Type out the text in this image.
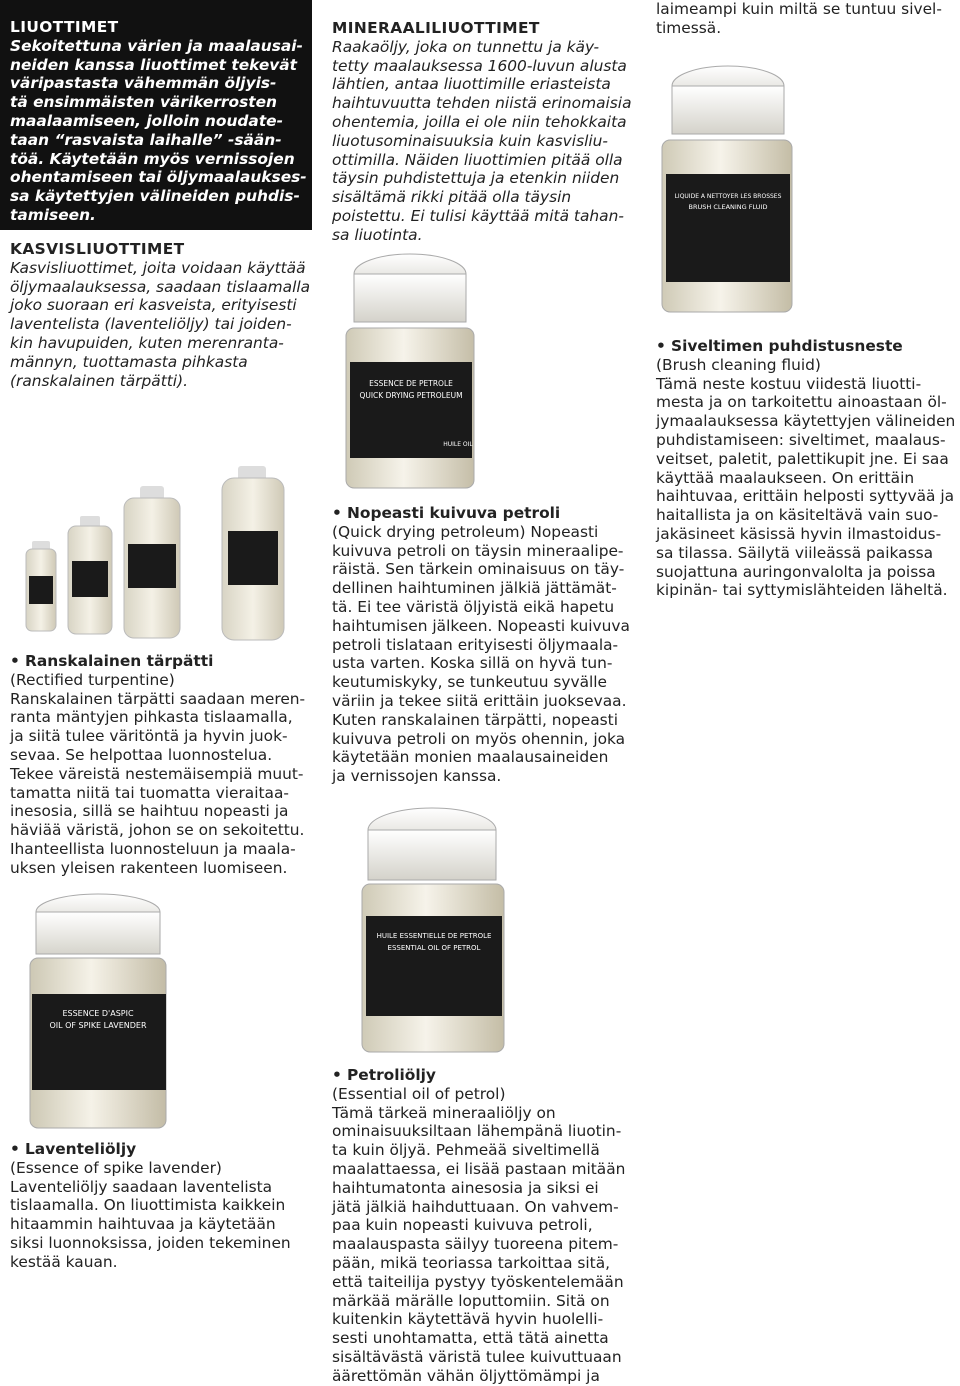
LIUOTTIMET
Sekoitettuna värien ja maalausai-
neiden kanssa liuottimet tekevät
väripastasta vähemmän öljyis-
tä ensimmäisten värikerrosten
maalaamiseen, jolloin noudate-
taan “rasvaista laihalle” -sään-
töä. Käytetään myös vernissojen
ohentamiseen tai öljymaalaukses-
sa käytettyjen välineiden puhdis-
tamiseen.
KASVISLIUOTTIMET
Kasvisliuottimet, joita voidaan käyttää
öljymaalauksessa, saadaan tislaamalla
joko suoraan eri kasveista, erityisesti
laventelista (laventeliöljy) tai joiden-
kin havupuiden, kuten merenranta-
männyn, tuottamasta pihkasta
(ranskalainen tärpätti).
• Ranskalainen tärpätti
(Rectified turpentine)
Ranskalainen tärpätti saadaan meren-
ranta mäntyjen pihkasta tislaamalla,
ja siitä tulee väritöntä ja hyvin juok-
sevaa. Se helpottaa luonnostelua.
Tekee väreistä nestemäisempiä muut-
tamatta niitä tai tuomatta vieraitaa-
inesosia, sillä se haihtuu nopeasti ja
häviää väristä, johon se on sekoitettu.
Ihanteellista luonnosteluun ja maala-
uksen yleisen rakenteen luomiseen.
ESSENCE D'ASPIC
OIL OF SPIKE LAVENDER
• Laventeliöljy
(Essence of spike lavender)
Laventeliöljy saadaan laventelista
tislaamalla. On liuottimista kaikkein
hitaammin haihtuvaa ja käytetään
siksi luonnoksissa, joiden tekeminen
kestää kauan.
MINERAALILIUOTTIMET
Raakaöljy, joka on tunnettu ja käy-
tetty maalauksessa 1600-luvun alusta
lähtien, antaa liuottimille eriasteista
haihtuvuutta tehden niistä erinomaisia
ohentemia, joilla ei ole niin tehokkaita
liuotusominaisuuksia kuin kasvisliu-
ottimilla. Näiden liuottimien pitää olla
täysin puhdistettuja ja etenkin niiden
sisältämä rikki pitää olla täysin
poistettu. Ei tulisi käyttää mitä tahan-
sa liuotinta.
ESSENCE DE PETROLE
QUICK DRYING PETROLEUM
HUILE OIL
• Nopeasti kuivuva petroli
(Quick drying petroleum) Nopeasti
kuivuva petroli on täysin mineraalipe-
räistä. Sen tärkein ominaisuus on täy-
dellinen haihtuminen jälkiä jättämät-
tä. Ei tee väristä öljyistä eikä hapetu
haihtumisen jälkeen. Nopeasti kuivuva
petroli tislataan erityisesti öljymaala-
usta varten. Koska sillä on hyvä tun-
keutumiskyky, se tunkeutuu syvälle
väriin ja tekee siitä erittäin juoksevaa.
Kuten ranskalainen tärpätti, nopeasti
kuivuva petroli on myös ohennin, joka
käytetään monien maalausaineiden
ja vernissojen kanssa.
HUILE ESSENTIELLE DE PETROLE
ESSENTIAL OIL OF PETROL
• Petroliöljy
(Essential oil of petrol)
Tämä tärkeä mineraaliöljy on
ominaisuuksiltaan lähempänä liuotin-
ta kuin öljyä. Pehmeää siveltimellä
maalattaessa, ei lisää pastaan mitään
haihtumatonta ainesosia ja siksi ei
jätä jälkiä haihduttuaan. On vahvem-
paa kuin nopeasti kuivuva petroli,
maalauspasta säilyy tuoreena pitem-
pään, mikä teoriassa tarkoittaa sitä,
että taiteilija pystyy työskentelemään
märkää märälle loputtomiin. Sitä on
kuitenkin käytettävä hyvin huolelli-
sesti unohtamatta, että tätä ainetta
sisältävästä väristä tulee kuivuttuaan
äärettömän vähän öljyttömämpi ja
laimeampi kuin miltä se tuntuu sivel-
timessä.
LIQUIDE A NETTOYER LES BROSSES
BRUSH CLEANING FLUID
• Siveltimen puhdistusneste
(Brush cleaning fluid)
Tämä neste kostuu viidestä liuotti-
mesta ja on tarkoitettu ainoastaan öl-
jymaalauksessa käytettyjen välineiden
puhdistamiseen: siveltimet, maalaus-
veitset, paletit, palettikupit jne. Ei saa
käyttää maalaukseen. On erittäin
haihtuvaa, erittäin helposti syttyvää ja
haitallista ja on käsiteltävä vain suo-
jakäsineet käsissä hyvin ilmastoidus-
sa tilassa. Säilytä viileässä paikassa
suojattuna auringonvalolta ja poissa
kipinän- tai syttymislähteiden läheltä.
